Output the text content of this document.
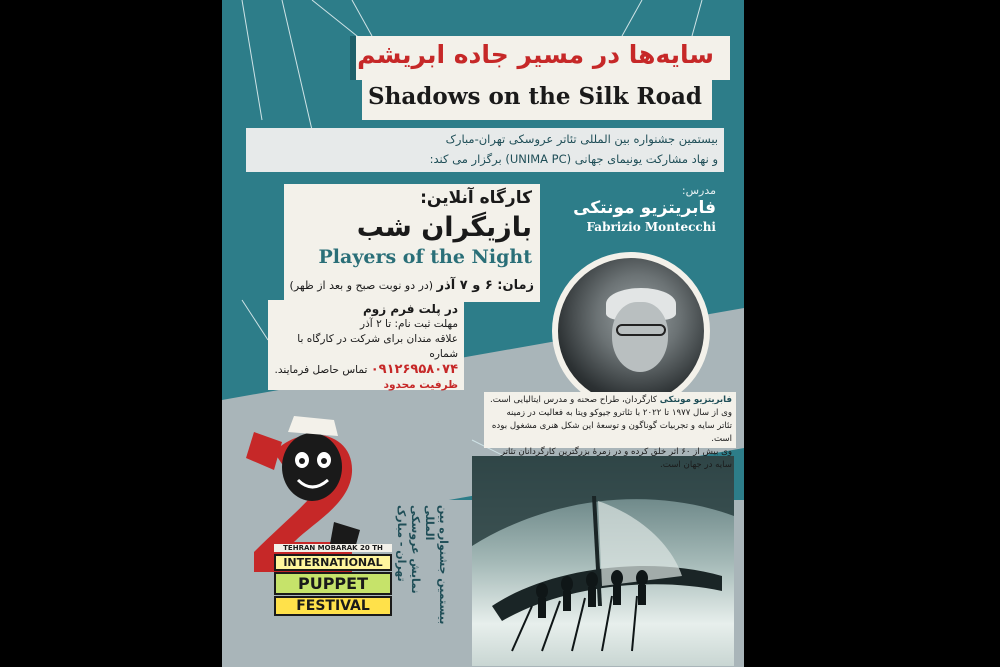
TEHRAN MOBARAK 20 TH
INTERNATIONAL
PUPPET
FESTIVAL	بیستمین جشنواره بین المللی
نمایش عروسکی تهران - مبارک
سایه‌ها در مسیر جاده ابریشم
Shadows on the Silk Road
بیستمین جشنواره بین المللی تئاتر عروسکی تهران-مبارک
و نهاد مشارکت یونیمای جهانی (UNIMA PC) برگزار می کند:
کارگاه آنلاین:
بازیگران شب
Players of the Night
زمان: ۶ و ۷ آذر (در دو نوبت صبح و بعد از ظهر)
در پلت فرم زوم
مهلت ثبت نام: تا ۲ آذر
علاقه مندان برای شرکت در کارگاه با شماره
۰۹۱۲۶۹۵۸۰۷۴ تماس حاصل فرمایند.
ظرفیت محدود
مدرس:
فابریتزیو مونتکی
Fabrizio Montecchi
فابریتزیو مونتکی کارگردان، طراح صحنه و مدرس ایتالیایی است.
وی از سال ۱۹۷۷ تا ۲۰۲۲ با تئاترو جیوکو ویتا به فعالیت در زمینه
تئاتر سایه و تجربیات گوناگون و توسعهٔ این شکل هنری مشغول بوده است.
وی بیش از ۶۰ اثر خلق کرده و در زمرهٔ بزرگترین کارگردانان تئاتر سایه در جهان است.
